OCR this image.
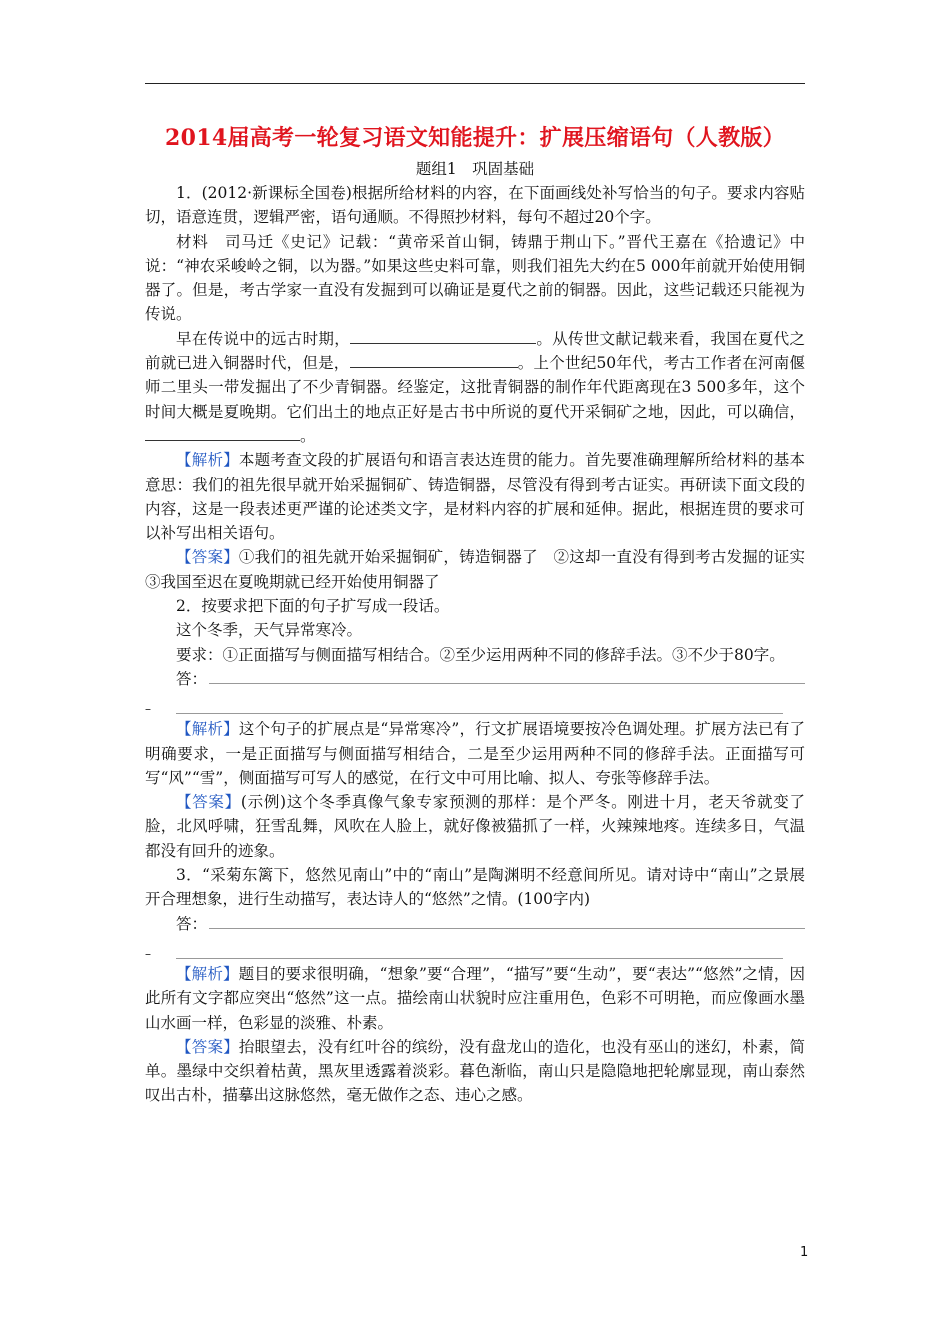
2014届高考一轮复习语文知能提升：扩展压缩语句（人教版）
题组1　巩固基础

1．(2012·新课标全国卷)根据所给材料的内容，在下面画线处补写恰当的句子。要求内容贴切，语意连贯，逻辑严密，语句通顺。不得照抄材料，每句不超过20个字。

材料　司马迁《史记》记载：“黄帝采首山铜，铸鼎于荆山下。”晋代王嘉在《拾遗记》中说：“神农采峻岭之铜，以为器。”如果这些史料可靠，则我们祖先大约在5 000年前就开始使用铜器了。但是，考古学家一直没有发掘到可以确证是夏代之前的铜器。因此，这些记载还只能视为传说。

早在传说中的远古时期，	。从传世文献记载来看，我国在夏代之前就已进入铜器时代，但是，	。上个世纪50年代，考古工作者在河南偃师二里头一带发掘出了不少青铜器。经鉴定，这批青铜器的制作年代距离现在3 500多年，这个时间大概是夏晚期。它们出土的地点正好是古书中所说的夏代开采铜矿之地，因此，可以确信，。

【解析】本题考查文段的扩展语句和语言表达连贯的能力。首先要准确理解所给材料的基本意思：我们的祖先很早就开始采掘铜矿、铸造铜器，尽管没有得到考古证实。再研读下面文段的内容，这是一段表述更严谨的论述类文字，是材料内容的扩展和延伸。据此，根据连贯的要求可以补写出相关语句。

【答案】①我们的祖先就开始采掘铜矿，铸造铜器了　②这却一直没有得到考古发掘的证实　③我国至迟在夏晚期就已经开始使用铜器了

2．按要求把下面的句子扩写成一段话。

这个冬季，天气异常寒冷。

要求：①正面描写与侧面描写相结合。②至少运用两种不同的修辞手法。③不少于80字。

答：
–

【解析】这个句子的扩展点是“异常寒冷”，行文扩展语境要按冷色调处理。扩展方法已有了明确要求，一是正面描写与侧面描写相结合，二是至少运用两种不同的修辞手法。正面描写可写“风”“雪”，侧面描写可写人的感觉，在行文中可用比喻、拟人、夸张等修辞手法。

【答案】(示例)这个冬季真像气象专家预测的那样：是个严冬。刚进十月，老天爷就变了脸，北风呼啸，狂雪乱舞，风吹在人脸上，就好像被猫抓了一样，火辣辣地疼。连续多日，气温都没有回升的迹象。

3．“采菊东篱下，悠然见南山”中的“南山”是陶渊明不经意间所见。请对诗中“南山”之景展开合理想象，进行生动描写，表达诗人的“悠然”之情。(100字内)

答：
–

【解析】题目的要求很明确，“想象”要“合理”，“描写”要“生动”，要“表达”“悠然”之情，因此所有文字都应突出“悠然”这一点。描绘南山状貌时应注重用色，色彩不可明艳，而应像画水墨山水画一样，色彩显的淡雅、朴素。

【答案】抬眼望去，没有红叶谷的缤纷，没有盘龙山的造化，也没有巫山的迷幻，朴素，简单。墨绿中交织着枯黄，黑灰里透露着淡彩。暮色渐临，南山只是隐隐地把轮廓显现，南山泰然叹出古朴，描摹出这脉悠然，毫无做作之态、违心之感。

1
